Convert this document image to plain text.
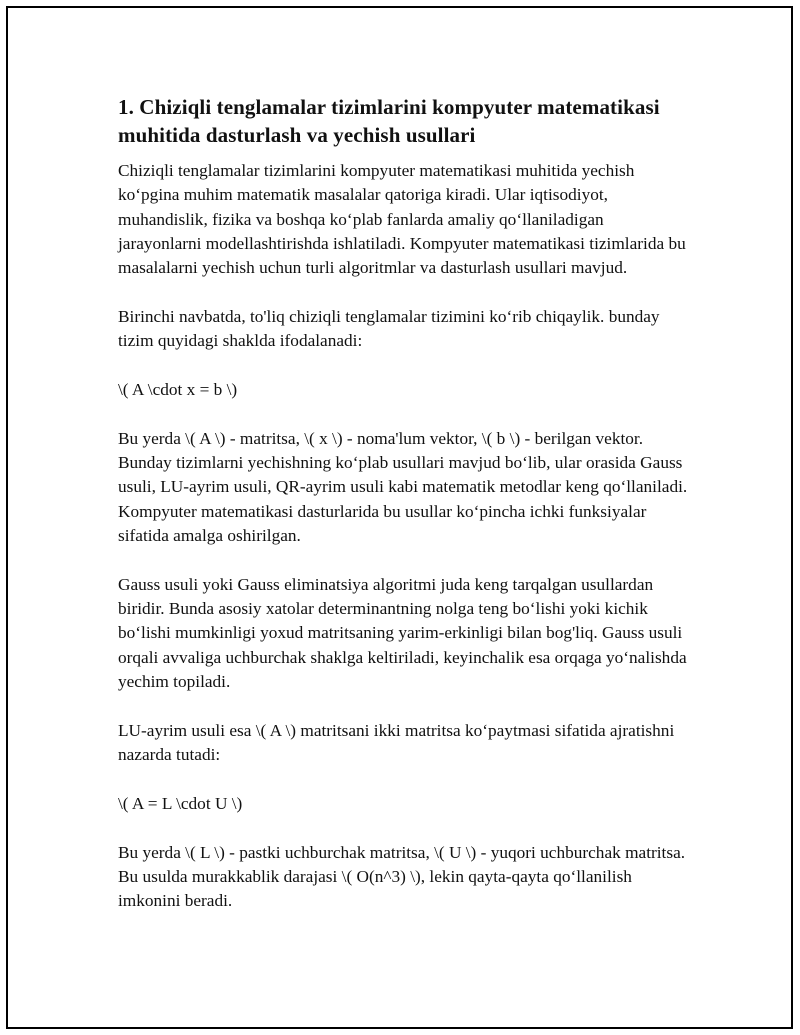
1. Chiziqli tenglamalar tizimlarini kompyuter matematikasi
muhitida dasturlash va yechish usullari

Chiziqli tenglamalar tizimlarini kompyuter matematikasi muhitida yechish ko‘pgina muhim matematik masalalar qatoriga kiradi. Ular iqtisodiyot, muhandislik, fizika va boshqa ko‘plab fanlarda amaliy qo‘llaniladigan jarayonlarni modellashtirishda ishlatiladi. Kompyuter matematikasi tizimlarida bu masalalarni yechish uchun turli algoritmlar va dasturlash usullari mavjud.

Birinchi navbatda, to'liq chiziqli tenglamalar tizimini ko‘rib chiqaylik. bunday tizim quyidagi shaklda ifodalanadi:

\( A \cdot x = b \)

Bu yerda \( A \) - matritsa, \( x \) - noma'lum vektor, \( b \) - berilgan vektor. Bunday tizimlarni yechishning ko‘plab usullari mavjud bo‘lib, ular orasida Gauss usuli, LU-ayrim usuli, QR-ayrim usuli kabi matematik metodlar keng qo‘llaniladi. Kompyuter matematikasi dasturlarida bu usullar ko‘pincha ichki funksiyalar sifatida amalga oshirilgan.

Gauss usuli yoki Gauss eliminatsiya algoritmi juda keng tarqalgan usullardan biridir. Bunda asosiy xatolar determinantning nolga teng bo‘lishi yoki kichik bo‘lishi mumkinligi yoxud matritsaning yarim-erkinligi bilan bog'liq. Gauss usuli orqali avvaliga uchburchak shaklga keltiriladi, keyinchalik esa orqaga yo‘nalishda yechim topiladi.

LU-ayrim usuli esa \( A \) matritsani ikki matritsa ko‘paytmasi sifatida ajratishni nazarda tutadi:

\( A = L \cdot U \)

Bu yerda \( L \) - pastki uchburchak matritsa, \( U \) - yuqori uchburchak matritsa. Bu usulda murakkablik darajasi \( O(n^3) \), lekin qayta-qayta qo‘llanilish imkonini beradi.
